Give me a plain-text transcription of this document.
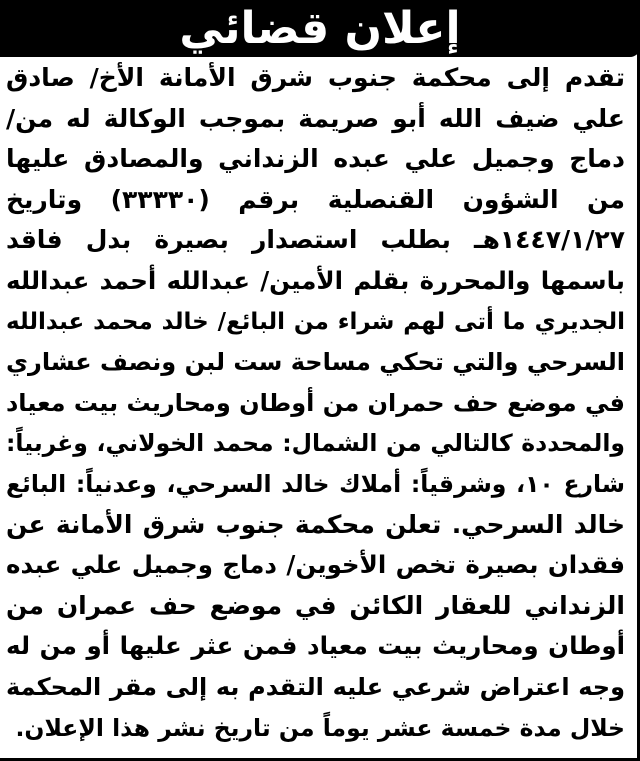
إعلان قضائي
تقدم إلى محكمة جنوب شرق الأمانة الأخ/ صادق
علي ضيف الله أبو صريمة بموجب الوكالة له من/
دماج وجميل علي عبده الزنداني والمصادق عليها
من الشؤون القنصلية برقم (٣٣٣٣٠) وتاريخ
١٤٤٧/١/٢٧هـ بطلب استصدار بصيرة بدل فاقد
باسمها والمحررة بقلم الأمين/ عبدالله أحمد عبدالله
الجديري ما أتى لهم شراء من البائع/ خالد محمد عبدالله
السرحي والتي تحكي مساحة ست لبن ونصف عشاري
في موضع حف حمران من أوطان ومحاريث بيت معياد
والمحددة كالتالي من الشمال: محمد الخولاني، وغربياً:
شارع ١٠، وشرقياً: أملاك خالد السرحي، وعدنياً: البائع
خالد السرحي. تعلن محكمة جنوب شرق الأمانة عن
فقدان بصيرة تخص الأخوين/ دماج وجميل علي عبده
الزنداني للعقار الكائن في موضع حف عمران من
أوطان ومحاريث بيت معياد فمن عثر عليها أو من له
وجه اعتراض شرعي عليه التقدم به إلى مقر المحكمة
خلال مدة خمسة عشر يوماً من تاريخ نشر هذا الإعلان.
